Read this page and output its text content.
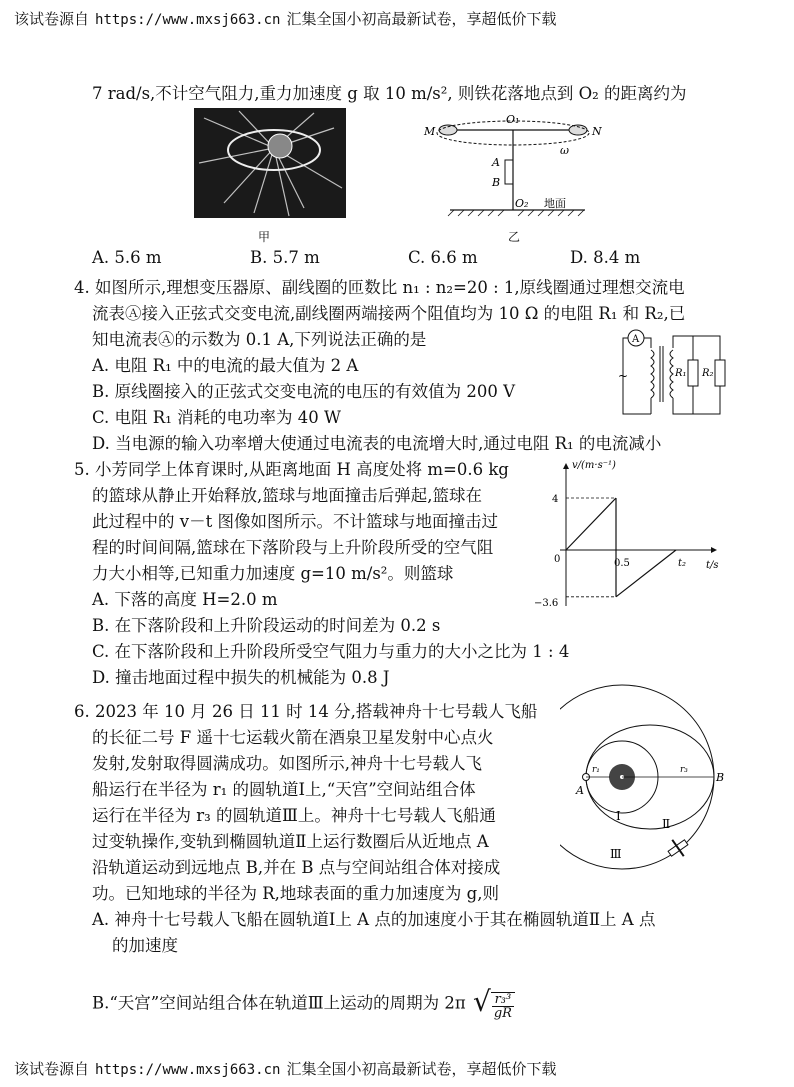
该试卷源自 https://www.mxsj663.cn 汇集全国小初高最新试卷，享超低价下载
7 rad/s,不计空气阻力,重力加速度 g 取 10 m/s², 则铁花落地点到 O₂ 的距离约为
甲
M	N
O₁
ω
A
B
O₂ 地面
乙
A. 5.6 m	B. 5.7 m	C. 6.6 m	D. 8.4 m
4. 如图所示,理想变压器原、副线圈的匝数比 n₁ : n₂=20 : 1,原线圈通过理想交流电
流表Ⓐ接入正弦式交变电流,副线圈两端接两个阻值均为 10 Ω 的电阻 R₁ 和 R₂,已
知电流表Ⓐ的示数为 0.1 A,下列说法正确的是
A. 电阻 R₁ 中的电流的最大值为 2 A
B. 原线圈接入的正弦式交变电流的电压的有效值为 200 V
C. 电阻 R₁ 消耗的电功率为 40 W
D. 当电源的输入功率增大使通过电流表的电流增大时,通过电阻 R₁ 的电流减小
A
~	R₁ R₂
5. 小芳同学上体育课时,从距离地面 H 高度处将 m=0.6 kg
的篮球从静止开始释放,篮球与地面撞击后弹起,篮球在
此过程中的 v－t 图像如图所示。不计篮球与地面撞击过
程的时间间隔,篮球在下落阶段与上升阶段所受的空气阻
力大小相等,已知重力加速度 g=10 m/s²。则篮球
A. 下落的高度 H=2.0 m
B. 在下落阶段和上升阶段运动的时间差为 0.2 s
C. 在下落阶段和上升阶段所受空气阻力与重力的大小之比为 1 : 4
D. 撞击地面过程中损失的机械能为 0.8 J
v/(m·s⁻¹)
t/s
0
4
−3.6
0.5	t₂
6. 2023 年 10 月 26 日 11 时 14 分,搭载神舟十七号载人飞船
的长征二号 F 遥十七运载火箭在酒泉卫星发射中心点火
发射,发射取得圆满成功。如图所示,神舟十七号载人飞
船运行在半径为 r₁ 的圆轨道Ⅰ上,“天宫”空间站组合体
运行在半径为 r₃ 的圆轨道Ⅲ上。神舟十七号载人飞船通
过变轨操作,变轨到椭圆轨道Ⅱ上运行数圈后从近地点 A
沿轨道运动到远地点 B,并在 B 点与空间站组合体对接成
功。已知地球的半径为 R,地球表面的重力加速度为 g,则
A. 神舟十七号载人飞船在圆轨道Ⅰ上 A 点的加速度小于其在椭圆轨道Ⅱ上 A 点
的加速度
B.“天宫”空间站组合体在轨道Ⅲ上运动的周期为 2π √ $\frac{\text{r₃³}}{gR}$
A
B
r₁	r₃
Ⅰ
Ⅱ
Ⅲ
该试卷源自 https://www.mxsj663.cn 汇集全国小初高最新试卷，享超低价下载
